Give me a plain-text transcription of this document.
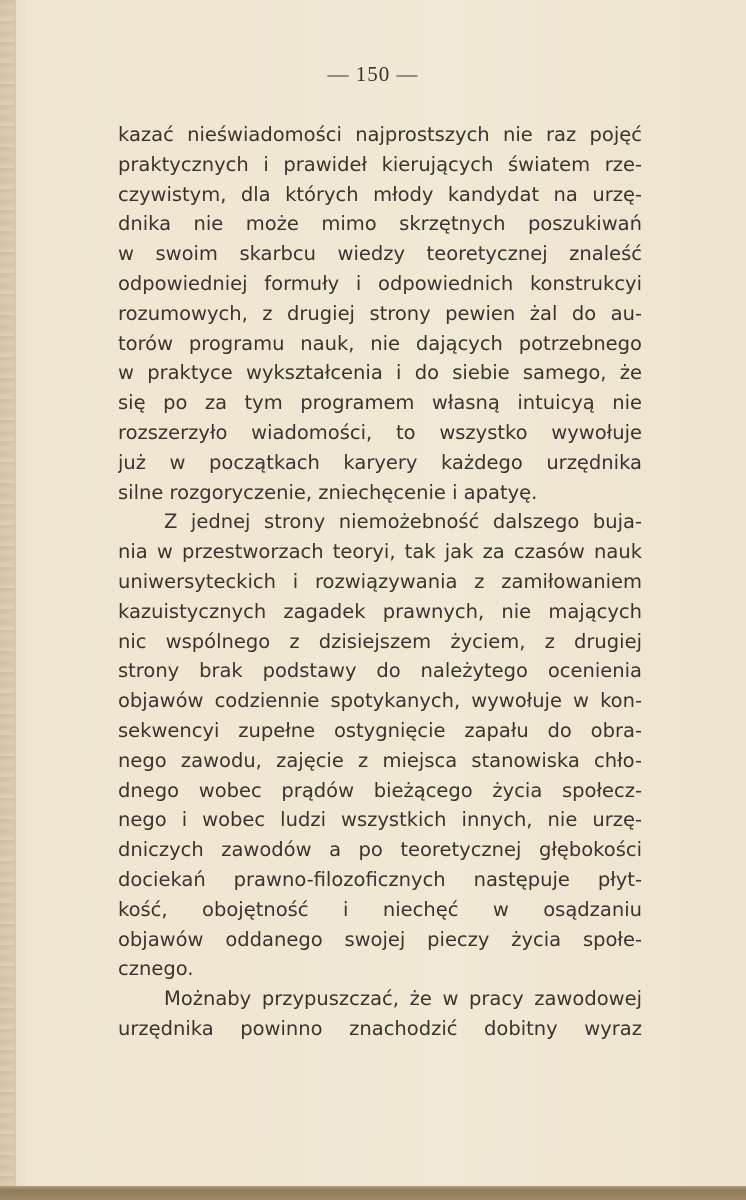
— 150 —
kazać nieświadomości najprostszych nie raz pojęć
praktycznych i prawideł kierujących światem rze-
czywistym, dla których młody kandydat na urzę-
dnika nie może mimo skrzętnych poszukiwań
w swoim skarbcu wiedzy teoretycznej znaleść
odpowiedniej formuły i odpowiednich konstrukcyi
rozumowych, z drugiej strony pewien żal do au-
torów programu nauk, nie dających potrzebnego
w praktyce wykształcenia i do siebie samego, że
się po za tym programem własną intuicyą nie
rozszerzyło wiadomości, to wszystko wywołuje
już w początkach karyery każdego urzędnika
silne rozgoryczenie, zniechęcenie i apatyę.
Z jednej strony niemożebność dalszego buja-
nia w przestworzach teoryi, tak jak za czasów nauk
uniwersyteckich i rozwiązywania z zamiłowaniem
kazuistycznych zagadek prawnych, nie mających
nic wspólnego z dzisiejszem życiem, z drugiej
strony brak podstawy do należytego ocenienia
objawów codziennie spotykanych, wywołuje w kon-
sekwencyi zupełne ostygnięcie zapału do obra-
nego zawodu, zajęcie z miejsca stanowiska chło-
dnego wobec prądów bieżącego życia społecz-
nego i wobec ludzi wszystkich innych, nie urzę-
dniczych zawodów a po teoretycznej głębokości
dociekań prawno-filozoficznych następuje płyt-
kość, obojętność i niechęć w osądzaniu
objawów oddanego swojej pieczy życia społe-
cznego.
Możnaby przypuszczać, że w pracy zawodowej
urzędnika powinno znachodzić dobitny wyraz
